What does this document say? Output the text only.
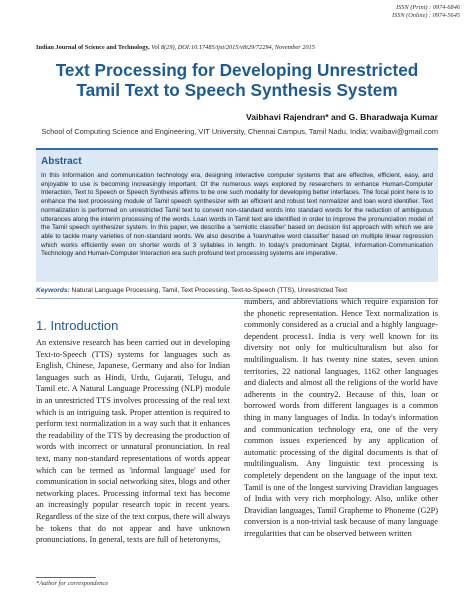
ISSN (Print) : 0974-6846
ISSN (Online) : 0974-5645
Indian Journal of Science and Technology, Vol 8(29), DOI:10.17485/ijst/2015/v8i29/72294, November 2015
Text Processing for Developing Unrestricted Tamil Text to Speech Synthesis System
Vaibhavi Rajendran* and G. Bharadwaja Kumar
School of Computing Science and Engineering, VIT University, Chennai Campus, Tamil Nadu, India; vvaibavi@gmail.com
Abstract
In this Information and communication technology era, designing interactive computer systems that are effective, efficient, easy, and enjoyable to use is becoming increasingly important. Of the numerous ways explored by researchers to enhance Human-Computer Interaction, Text to Speech or Speech Synthesis affirms to be one such modality for developing better interfaces. The focal point here is to enhance the text processing module of Tamil speech synthesizer with an efficient and robust text normalizer and loan word identifier. Text normalization is performed on unrestricted Tamil text to convert non-standard words into standard words for the reduction of ambiguous utterances along the interim processing of the words. Loan words in Tamil text are identified in order to improve the pronunciation model of the Tamil speech synthesizer system. In this paper, we describe a 'semiotic classifier' based on decision list approach with which we are able to tackle many varieties of non-standard words. We also describe a 'loan/native word classifier' based on multiple linear regression which works efficiently even on shorter words of 3 syllables in length. In today's predominant Digital, Information-Communication Technology and Human-Computer Interaction era such profound text processing systems are imperative.
Keywords: Natural Language Processing, Tamil, Text Processing, Text-to-Speech (TTS), Unrestricted Text
1. Introduction

An extensive research has been carried out in developing Text-to-Speech (TTS) systems for languages such as English, Chinese, Japanese, Germany and also for Indian languages such as Hindi, Urdu, Gujarati, Telugu, and Tamil etc. A Natural Language Processing (NLP) module in an unrestricted TTS involves processing of the real text which is an intriguing task. Proper attention is required to perform text normalization in a way such that it enhances the readability of the TTS by decreasing the production of words with incorrect or unnatural pronunciation. In real text, many non-standard representations of words appear which can be termed as 'informal language' used for communication in social networking sites, blogs and other networking places. Processing informal text has become an increasingly popular research topic in recent years. Regardless of the size of the text corpus, there will always be tokens that do not appear and have unknown pronunciations. In general, texts are full of heteronyms,

numbers, and abbreviations which require expansion for the phonetic representation. Hence Text normalization is commonly considered as a crucial and a highly language-dependent process1. India is very well known for its diversity not only for multiculturalism but also for multilingualism. It has twenty nine states, seven union territories, 22 national languages, 1162 other languages and dialects and almost all the religions of the world have adherents in the country2. Because of this, loan or borrowed words from different languages is a common thing in many languages of India. In today's information and communication technology era, one of the very common issues experienced by any application of automatic processing of the digital documents is that of multilingualism. Any linguistic text processing is completely dependent on the language of the input text. Tamil is one of the longest surviving Dravidian languages of India with very rich morphology. Also, unlike other Dravidian languages, Tamil Grapheme to Phoneme (G2P) conversion is a non-trivial task because of many language irregularities that can be observed between written

*Author for correspondence
